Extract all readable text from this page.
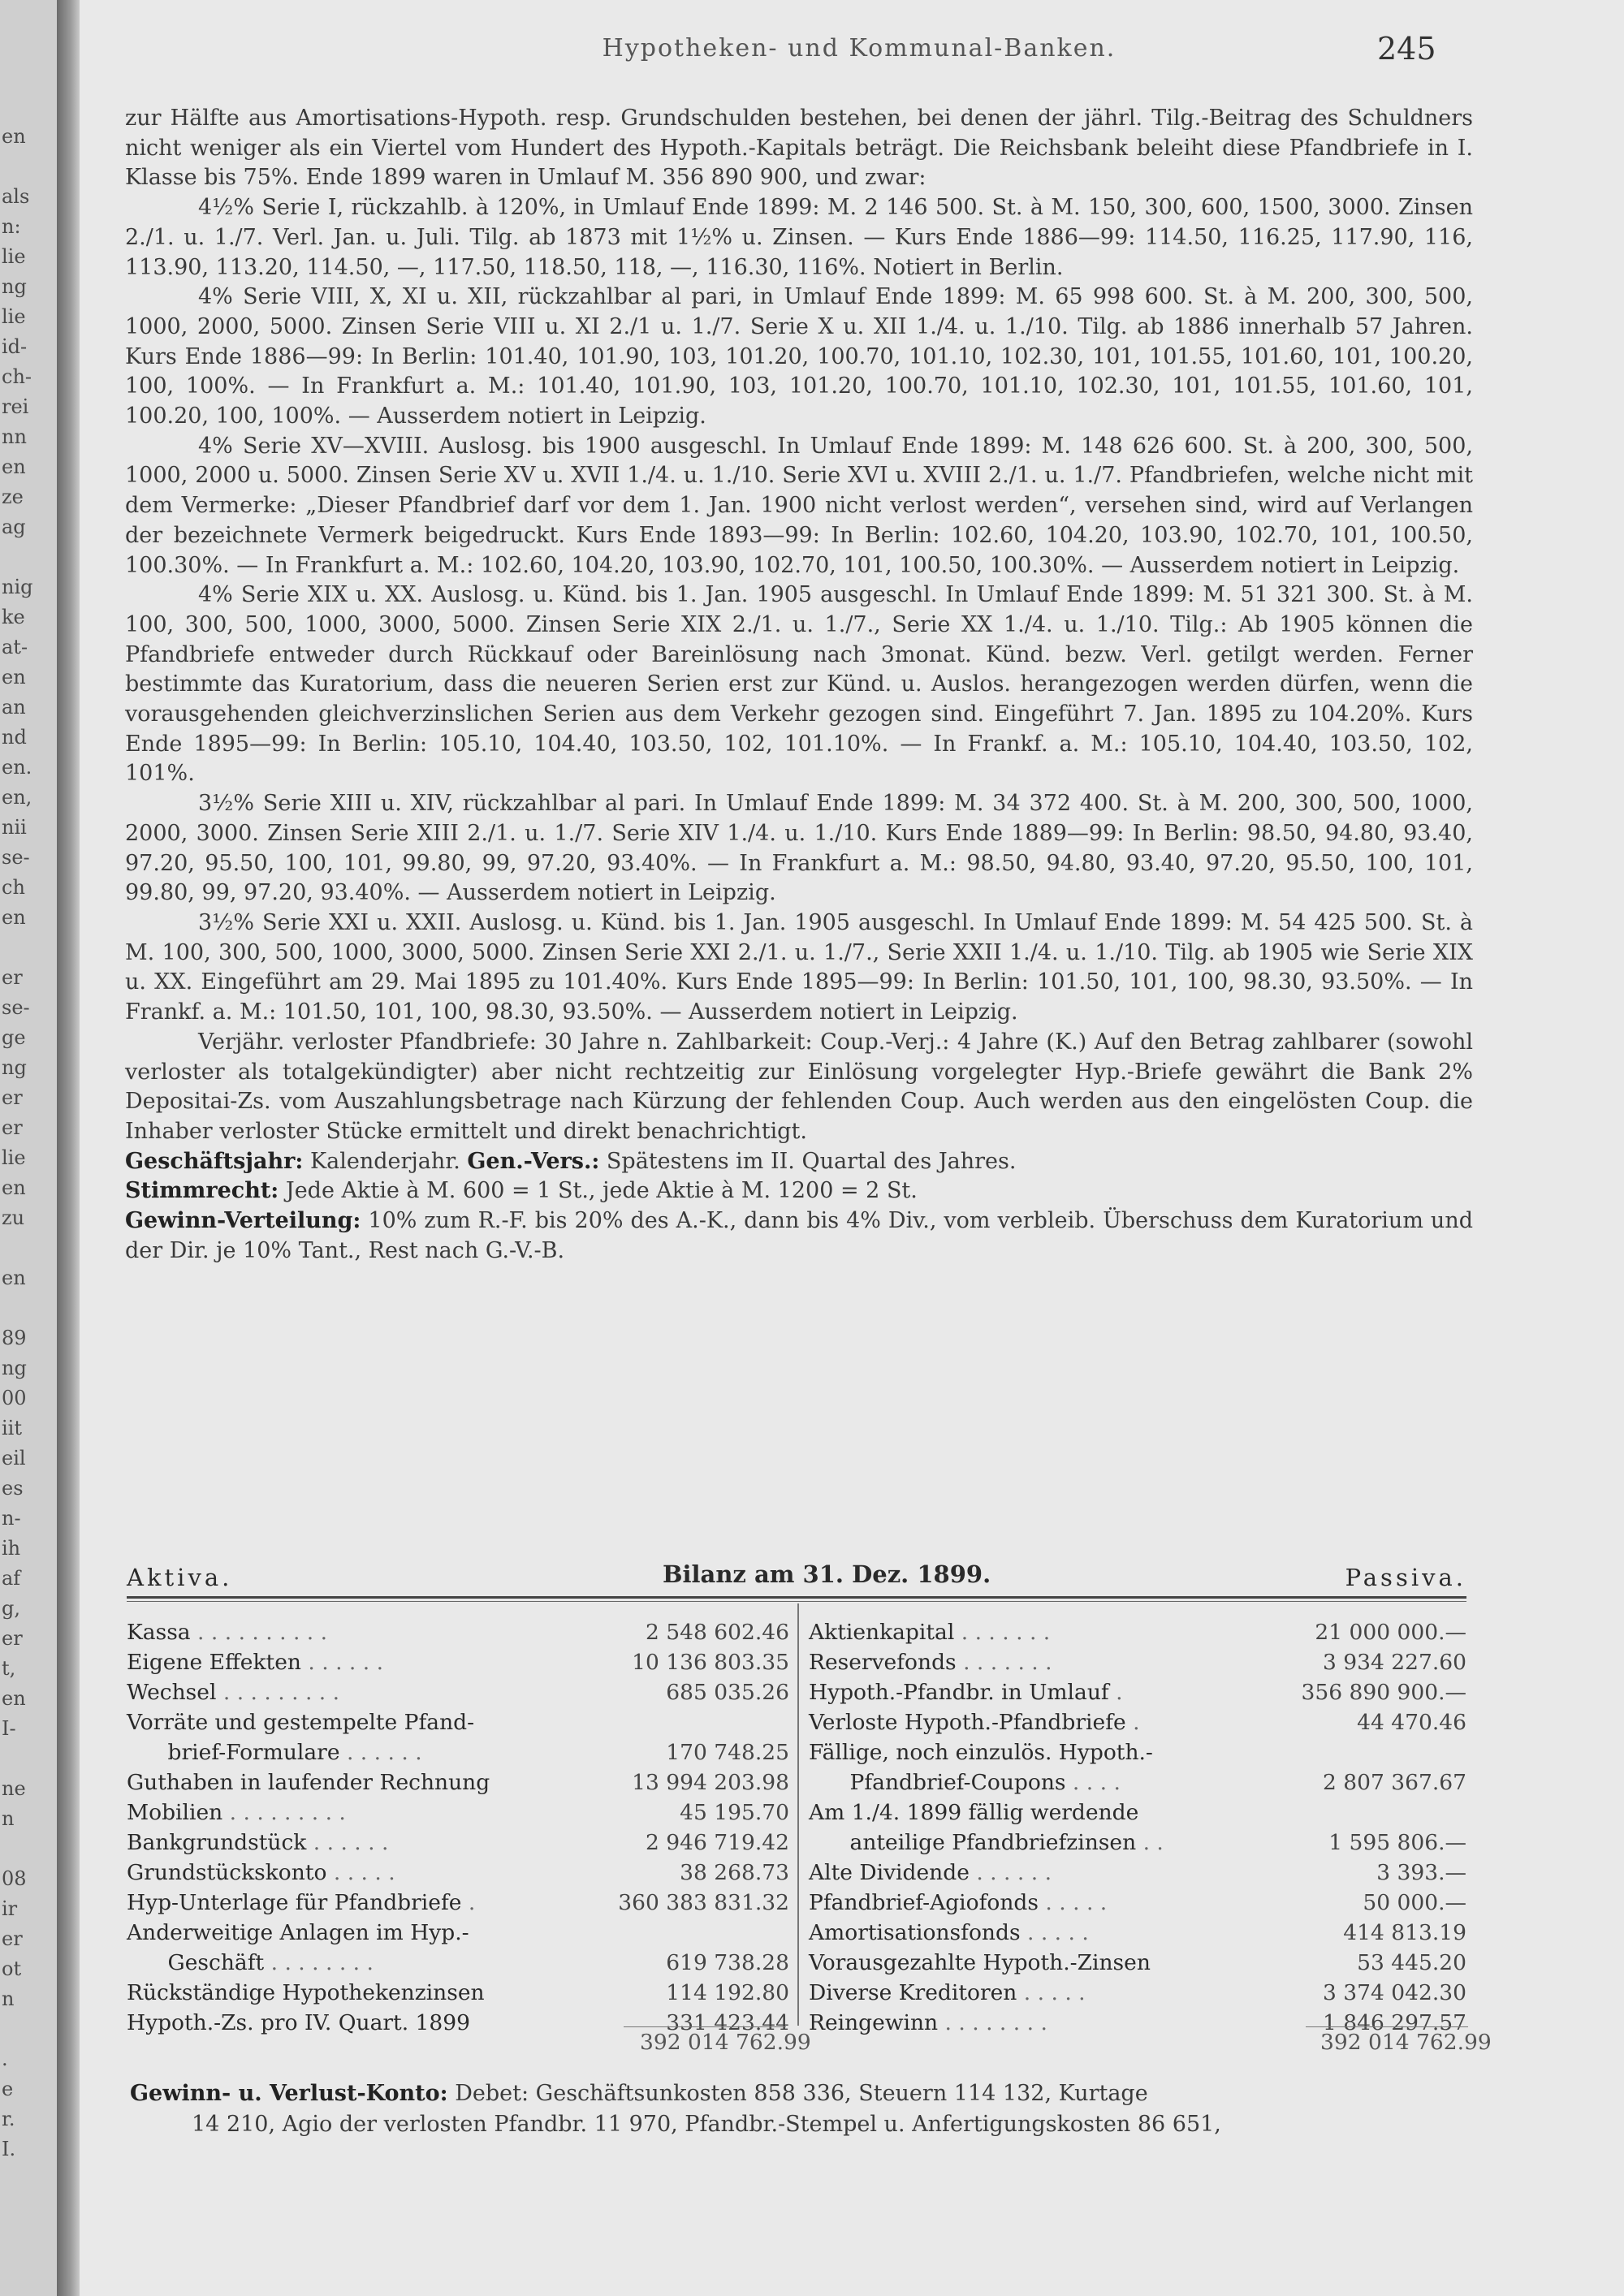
en
als
n:
lie
ng
lie
id-
ch-
rei
nn
en
ze
ag
nig
ke
at-
en
an
nd
en.
en,
nii
se-
ch
en
er
se-
ge
ng
er
er
lie
en
zu
en
89
ng
00
iit
eil
es
n-
ih
af
g,
er
t,
en
I-
ne
n
08
ir
er
ot
n
.
e
r.
I.
Hypotheken- und Kommunal-Banken.	245

zur Hälfte aus Amortisations-Hypoth. resp. Grundschulden bestehen, bei denen der jährl. Tilg.-Beitrag des Schuldners nicht weniger als ein Viertel vom Hundert des Hypoth.-Kapitals beträgt. Die Reichsbank beleiht diese Pfandbriefe in I. Klasse bis 75%. Ende 1899 waren in Umlauf M. 356 890 900, und zwar:

4½% Serie I, rückzahlb. à 120%, in Umlauf Ende 1899: M. 2 146 500. St. à M. 150, 300, 600, 1500, 3000. Zinsen 2./1. u. 1./7. Verl. Jan. u. Juli. Tilg. ab 1873 mit 1½% u. Zinsen. — Kurs Ende 1886—99: 114.50, 116.25, 117.90, 116, 113.90, 113.20, 114.50, —, 117.50, 118.50, 118, —, 116.30, 116%. Notiert in Berlin.

4% Serie VIII, X, XI u. XII, rückzahlbar al pari, in Umlauf Ende 1899: M. 65 998 600. St. à M. 200, 300, 500, 1000, 2000, 5000. Zinsen Serie VIII u. XI 2./1 u. 1./7. Serie X u. XII 1./4. u. 1./10. Tilg. ab 1886 innerhalb 57 Jahren. Kurs Ende 1886—99: In Berlin: 101.40, 101.90, 103, 101.20, 100.70, 101.10, 102.30, 101, 101.55, 101.60, 101, 100.20, 100, 100%. — In Frankfurt a. M.: 101.40, 101.90, 103, 101.20, 100.70, 101.10, 102.30, 101, 101.55, 101.60, 101, 100.20, 100, 100%. — Ausserdem notiert in Leipzig.

4% Serie XV—XVIII. Auslosg. bis 1900 ausgeschl. In Umlauf Ende 1899: M. 148 626 600. St. à 200, 300, 500, 1000, 2000 u. 5000. Zinsen Serie XV u. XVII 1./4. u. 1./10. Serie XVI u. XVIII 2./1. u. 1./7. Pfandbriefen, welche nicht mit dem Vermerke: „Dieser Pfandbrief darf vor dem 1. Jan. 1900 nicht verlost werden“, versehen sind, wird auf Verlangen der bezeichnete Vermerk beigedruckt. Kurs Ende 1893—99: In Berlin: 102.60, 104.20, 103.90, 102.70, 101, 100.50, 100.30%. — In Frankfurt a. M.: 102.60, 104.20, 103.90, 102.70, 101, 100.50, 100.30%. — Ausserdem notiert in Leipzig.

4% Serie XIX u. XX. Auslosg. u. Künd. bis 1. Jan. 1905 ausgeschl. In Umlauf Ende 1899: M. 51 321 300. St. à M. 100, 300, 500, 1000, 3000, 5000. Zinsen Serie XIX 2./1. u. 1./7., Serie XX 1./4. u. 1./10. Tilg.: Ab 1905 können die Pfandbriefe entweder durch Rückkauf oder Bareinlösung nach 3monat. Künd. bezw. Verl. getilgt werden. Ferner bestimmte das Kuratorium, dass die neueren Serien erst zur Künd. u. Auslos. herangezogen werden dürfen, wenn die vorausgehenden gleichverzinslichen Serien aus dem Verkehr gezogen sind. Eingeführt 7. Jan. 1895 zu 104.20%. Kurs Ende 1895—99: In Berlin: 105.10, 104.40, 103.50, 102, 101.10%. — In Frankf. a. M.: 105.10, 104.40, 103.50, 102, 101%.

3½% Serie XIII u. XIV, rückzahlbar al pari. In Umlauf Ende 1899: M. 34 372 400. St. à M. 200, 300, 500, 1000, 2000, 3000. Zinsen Serie XIII 2./1. u. 1./7. Serie XIV 1./4. u. 1./10. Kurs Ende 1889—99: In Berlin: 98.50, 94.80, 93.40, 97.20, 95.50, 100, 101, 99.80, 99, 97.20, 93.40%. — In Frankfurt a. M.: 98.50, 94.80, 93.40, 97.20, 95.50, 100, 101, 99.80, 99, 97.20, 93.40%. — Ausserdem notiert in Leipzig.

3½% Serie XXI u. XXII. Auslosg. u. Künd. bis 1. Jan. 1905 ausgeschl. In Umlauf Ende 1899: M. 54 425 500. St. à M. 100, 300, 500, 1000, 3000, 5000. Zinsen Serie XXI 2./1. u. 1./7., Serie XXII 1./4. u. 1./10. Tilg. ab 1905 wie Serie XIX u. XX. Eingeführt am 29. Mai 1895 zu 101.40%. Kurs Ende 1895—99: In Berlin: 101.50, 101, 100, 98.30, 93.50%. — In Frankf. a. M.: 101.50, 101, 100, 98.30, 93.50%. — Ausserdem notiert in Leipzig.

Verjähr. verloster Pfandbriefe: 30 Jahre n. Zahlbarkeit: Coup.-Verj.: 4 Jahre (K.) Auf den Betrag zahlbarer (sowohl verloster als totalgekündigter) aber nicht rechtzeitig zur Einlösung vorgelegter Hyp.-Briefe gewährt die Bank 2% Depositai-Zs. vom Auszahlungsbetrage nach Kürzung der fehlenden Coup. Auch werden aus den eingelösten Coup. die Inhaber verloster Stücke ermittelt und direkt benachrichtigt.

Geschäftsjahr: Kalenderjahr. Gen.-Vers.: Spätestens im II. Quartal des Jahres.

Stimmrecht: Jede Aktie à M. 600 = 1 St., jede Aktie à M. 1200 = 2 St.

Gewinn-Verteilung: 10% zum R.-F. bis 20% des A.-K., dann bis 4% Div., vom verbleib. Überschuss dem Kuratorium und der Dir. je 10% Tant., Rest nach G.-V.-B.

Aktiva.	Bilanz am 31. Dez. 1899.	Passiva.
Kassa . . . . . . . . . .	2 548 602.46
Eigene Effekten . . . . . .	10 136 803.35
Wechsel . . . . . . . . .	685 035.26
Vorräte und gestempelte Pfand-
brief-Formulare . . . . . .	170 748.25
Guthaben in laufender Rechnung	13 994 203.98
Mobilien . . . . . . . . .	45 195.70
Bankgrundstück . . . . . .	2 946 719.42
Grundstückskonto . . . . .	38 268.73
Hyp-Unterlage für Pfandbriefe .	360 383 831.32
Anderweitige Anlagen im Hyp.-
Geschäft . . . . . . . .	619 738.28
Rückständige Hypothekenzinsen	114 192.80
Hypoth.-Zs. pro IV. Quart. 1899	331 423.44
Aktienkapital . . . . . . .	21 000 000.—
Reservefonds . . . . . . .	3 934 227.60
Hypoth.-Pfandbr. in Umlauf .	356 890 900.—
Verloste Hypoth.-Pfandbriefe .	44 470.46
Fällige, noch einzulös. Hypoth.-
Pfandbrief-Coupons . . . .	2 807 367.67
Am 1./4. 1899 fällig werdende
anteilige Pfandbriefzinsen . .	1 595 806.—
Alte Dividende . . . . . .	3 393.—
Pfandbrief-Agiofonds . . . . .	50 000.—
Amortisationsfonds . . . . .	414 813.19
Vorausgezahlte Hypoth.-Zinsen	53 445.20
Diverse Kreditoren . . . . .	3 374 042.30
Reingewinn . . . . . . . .	1 846 297.57
392 014 762.99	392 014 762.99

Gewinn- u. Verlust-Konto: Debet: Geschäftsunkosten 858 336, Steuern 114 132, Kurtage

14 210, Agio der verlosten Pfandbr. 11 970, Pfandbr.-Stempel u. Anfertigungskosten 86 651,
